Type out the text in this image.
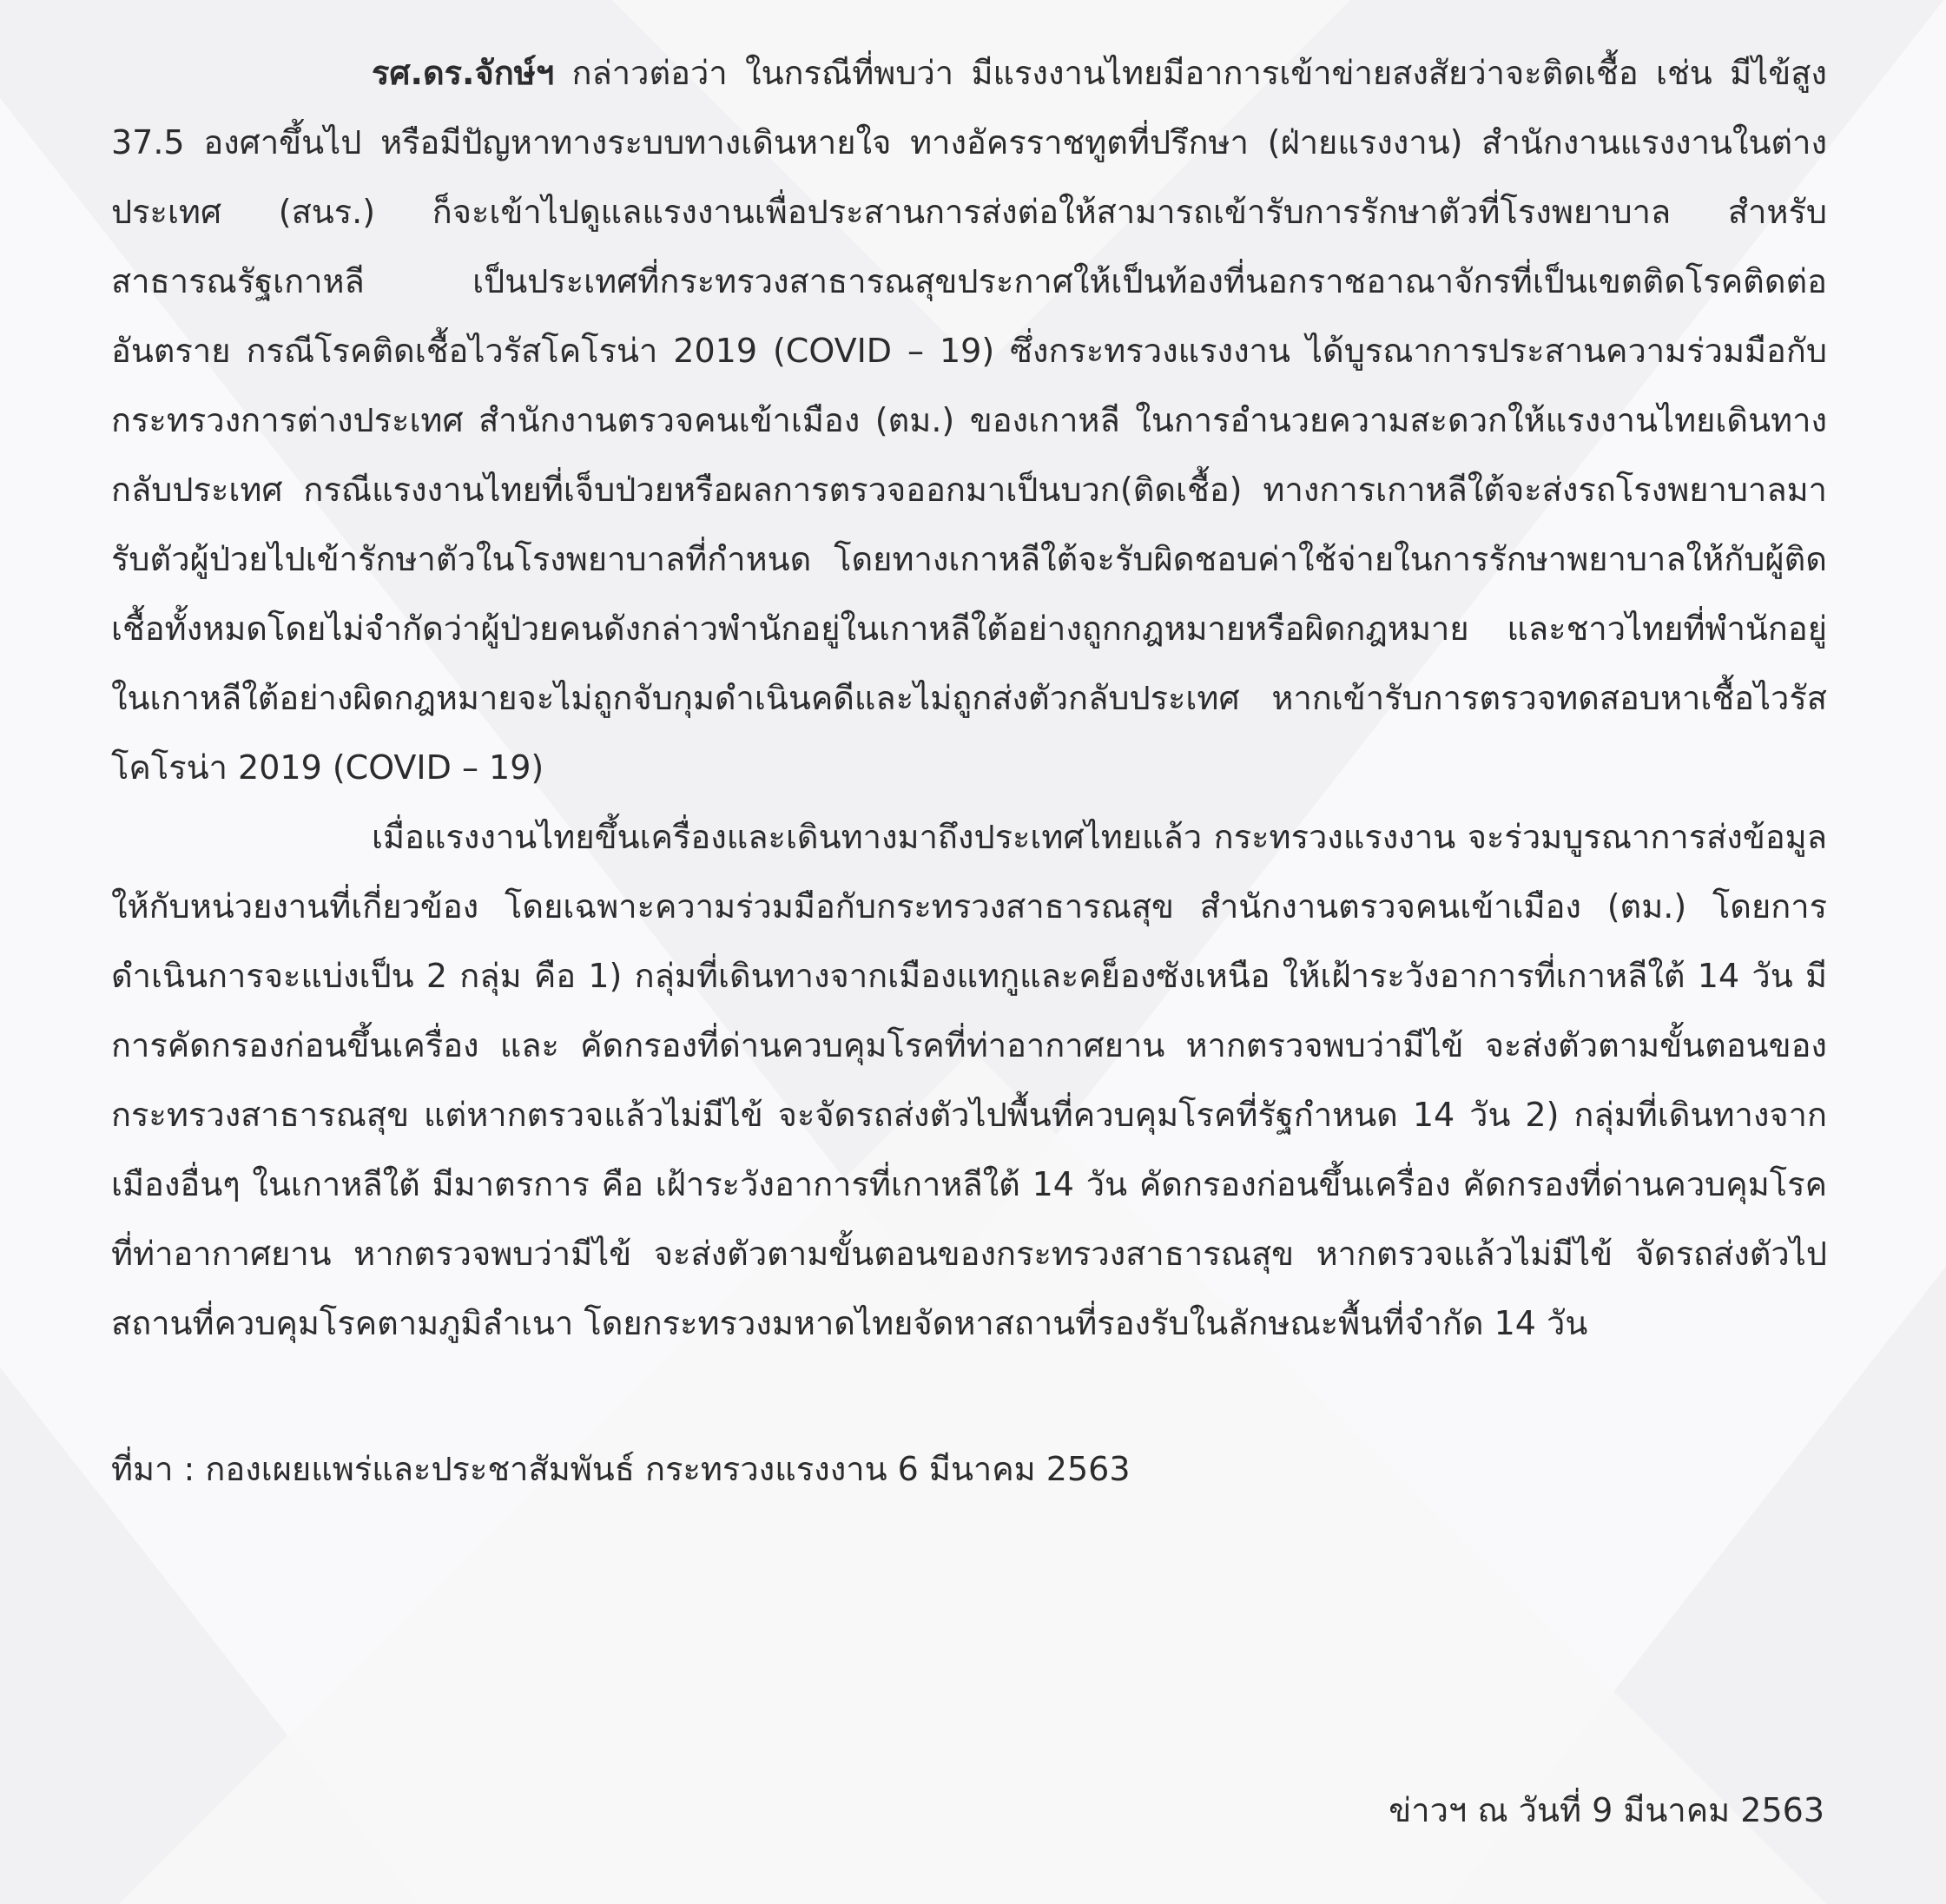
รศ.ดร.จักษ์ฯ กล่าวต่อว่า ในกรณีที่พบว่า มีแรงงานไทยมีอาการเข้าข่ายสงสัยว่าจะติดเชื้อ เช่น มีไข้สูง 37.5 องศาขึ้นไป หรือมีปัญหาทางระบบทางเดินหายใจ ทางอัครราชทูตที่ปรึกษา (ฝ่ายแรงงาน) สำนักงานแรงงานในต่างประเทศ (สนร.) ก็จะเข้าไปดูแลแรงงานเพื่อประสานการส่งต่อให้สามารถเข้ารับการรักษาตัวที่โรงพยาบาล สำหรับสาธารณรัฐเกาหลี เป็นประเทศที่กระทรวงสาธารณสุขประกาศให้เป็นท้องที่นอกราชอาณาจักรที่เป็นเขตติดโรคติดต่ออันตราย กรณีโรคติดเชื้อไวรัสโคโรน่า 2019 (COVID – 19) ซึ่งกระทรวงแรงงาน ได้บูรณาการประสานความร่วมมือกับกระทรวงการต่างประเทศ สำนักงานตรวจคนเข้าเมือง (ตม.) ของเกาหลี ในการอำนวยความสะดวกให้แรงงานไทยเดินทางกลับประเทศ กรณีแรงงานไทยที่เจ็บป่วยหรือผลการตรวจออกมาเป็นบวก(ติดเชื้อ) ทางการเกาหลีใต้จะส่งรถโรงพยาบาลมารับตัวผู้ป่วยไปเข้ารักษาตัวในโรงพยาบาลที่กำหนด โดยทางเกาหลีใต้จะรับผิดชอบค่าใช้จ่ายในการรักษาพยาบาลให้กับผู้ติดเชื้อทั้งหมดโดยไม่จำกัดว่าผู้ป่วยคนดังกล่าวพำนักอยู่ในเกาหลีใต้อย่างถูกกฎหมายหรือผิดกฎหมาย และชาวไทยที่พำนักอยู่ในเกาหลีใต้อย่างผิดกฎหมายจะไม่ถูกจับกุมดำเนินคดีและไม่ถูกส่งตัวกลับประเทศ หากเข้ารับการตรวจทดสอบหาเชื้อไวรัสโคโรน่า 2019 (COVID – 19)

เมื่อแรงงานไทยขึ้นเครื่องและเดินทางมาถึงประเทศไทยแล้ว กระทรวงแรงงาน จะร่วมบูรณาการส่งข้อมูลให้กับหน่วยงานที่เกี่ยวข้อง โดยเฉพาะความร่วมมือกับกระทรวงสาธารณสุข สำนักงานตรวจคนเข้าเมือง (ตม.) โดยการดำเนินการจะแบ่งเป็น 2 กลุ่ม คือ 1) กลุ่มที่เดินทางจากเมืองแทกูและคย็องซังเหนือ ให้เฝ้าระวังอาการที่เกาหลีใต้ 14 วัน มีการคัดกรองก่อนขึ้นเครื่อง และ คัดกรองที่ด่านควบคุมโรคที่ท่าอากาศยาน หากตรวจพบว่ามีไข้ จะส่งตัวตามขั้นตอนของกระทรวงสาธารณสุข แต่หากตรวจแล้วไม่มีไข้ จะจัดรถส่งตัวไปพื้นที่ควบคุมโรคที่รัฐกำหนด 14 วัน 2) กลุ่มที่เดินทางจากเมืองอื่นๆ ในเกาหลีใต้ มีมาตรการ คือ เฝ้าระวังอาการที่เกาหลีใต้ 14 วัน คัดกรองก่อนขึ้นเครื่อง คัดกรองที่ด่านควบคุมโรคที่ท่าอากาศยาน หากตรวจพบว่ามีไข้ จะส่งตัวตามขั้นตอนของกระทรวงสาธารณสุข หากตรวจแล้วไม่มีไข้ จัดรถส่งตัวไปสถานที่ควบคุมโรคตามภูมิลำเนา โดยกระทรวงมหาดไทยจัดหาสถานที่รองรับในลักษณะพื้นที่จำกัด 14 วัน

ที่มา : กองเผยแพร่และประชาสัมพันธ์ กระทรวงแรงงาน 6 มีนาคม 2563

ข่าวฯ ณ วันที่ 9 มีนาคม 2563
